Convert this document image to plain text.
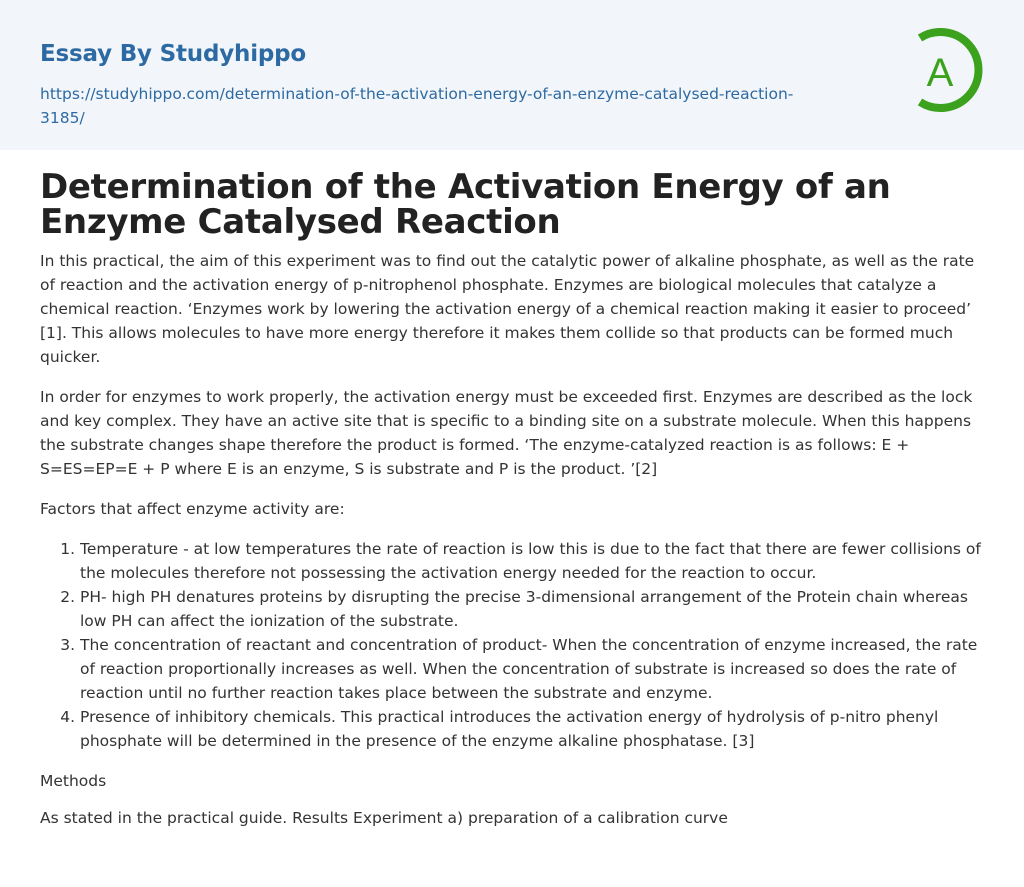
Essay By Studyhippo
https://studyhippo.com/determination-of-the-activation-energy-of-an-enzyme-catalysed-reaction-3185/
A
Determination of the Activation Energy of an Enzyme Catalysed Reaction

In this practical, the aim of this experiment was to find out the catalytic power of alkaline phosphate, as well as the rate of reaction and the activation energy of p-nitrophenol phosphate. Enzymes are biological molecules that catalyze a chemical reaction. ‘Enzymes work by lowering the activation energy of a chemical reaction making it easier to proceed’ [1]. This allows molecules to have more energy therefore it makes them collide so that products can be formed much quicker.

In order for enzymes to work properly, the activation energy must be exceeded first. Enzymes are described as the lock and key complex. They have an active site that is specific to a binding site on a substrate molecule. When this happens the substrate changes shape therefore the product is formed. ‘The enzyme-catalyzed reaction is as follows: E + S=ES=EP=E + P where E is an enzyme, S is substrate and P is the product. ’[2]

Factors that affect enzyme activity are:

1. Temperature - at low temperatures the rate of reaction is low this is due to the fact that there are fewer collisions of the molecules therefore not possessing the activation energy needed for the reaction to occur.
2. PH- high PH denatures proteins by disrupting the precise 3-dimensional arrangement of the Protein chain whereas low PH can affect the ionization of the substrate.
3. The concentration of reactant and concentration of product- When the concentration of enzyme increased, the rate of reaction proportionally increases as well. When the concentration of substrate is increased so does the rate of reaction until no further reaction takes place between the substrate and enzyme.
4. Presence of inhibitory chemicals. This practical introduces the activation energy of hydrolysis of p-nitro phenyl phosphate will be determined in the presence of the enzyme alkaline phosphatase. [3]

Methods

As stated in the practical guide. Results Experiment a) preparation of a calibration curve
